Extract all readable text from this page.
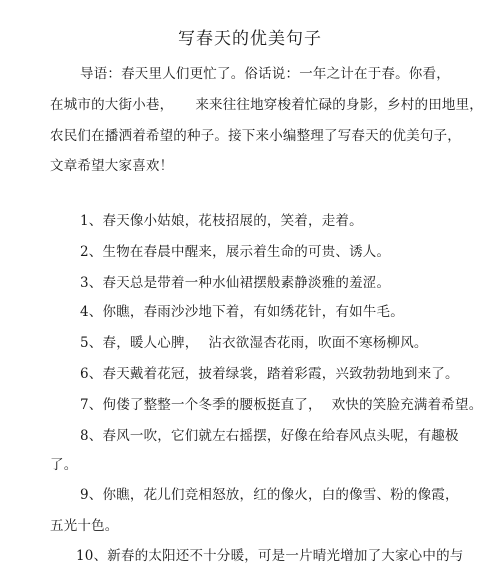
写春天的优美句子
导语：春天里人们更忙了。俗话说：一年之计在于春。你看，
在城市的大街小巷， 来来往往地穿梭着忙碌的身影，乡村的田地里，
农民们在播洒着希望的种子。接下来小编整理了写春天的优美句子，
文章希望大家喜欢！
1、春天像小姑娘，花枝招展的，笑着，走着。
2、生物在春晨中醒来，展示着生命的可贵、诱人。
3、春天总是带着一种水仙裙摆般素静淡雅的羞涩。
4、你瞧，春雨沙沙地下着，有如绣花针，有如牛毛。
5、春，暖人心脾， 沾衣欲湿杏花雨，吹面不寒杨柳风。
6、春天戴着花冠，披着绿裳，踏着彩霞，兴致勃勃地到来了。
7、佝偻了整整一个冬季的腰板挺直了， 欢快的笑脸充满着希望。
8、春风一吹，它们就左右摇摆，好像在给春风点头呢，有趣极
了。
9、你瞧，花儿们竞相怒放，红的像火，白的像雪、粉的像霞，
五光十色。
10、新春的太阳还不十分暖，可是一片晴光增加了大家心中的与
